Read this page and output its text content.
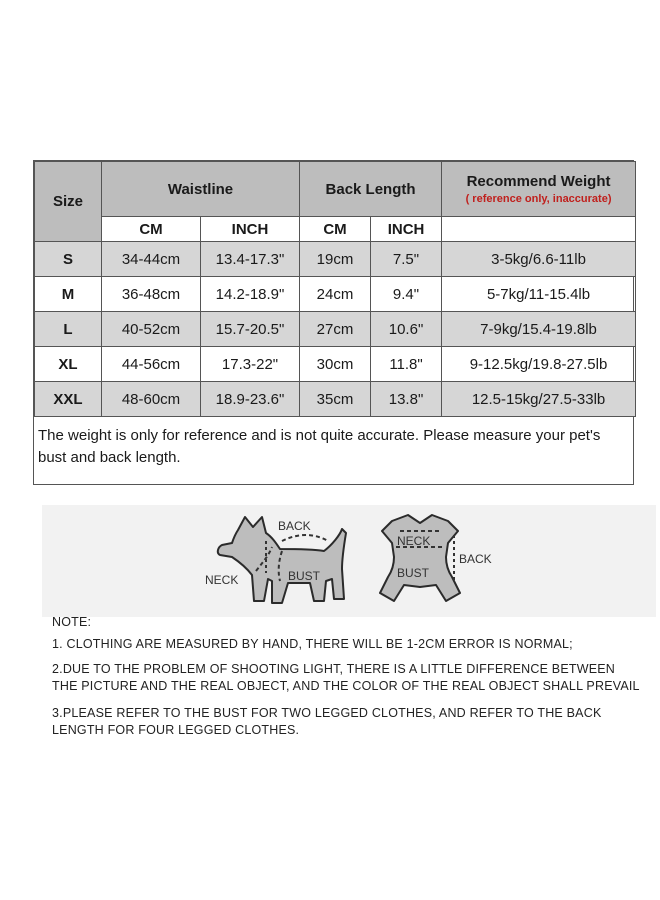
Size	Waistline		Back Length		Recommend Weight
( reference only, inaccurate)

	CM	INCH	CM	INCH	
S	34-44cm	13.4-17.3"	19cm	7.5"	3-5kg/6.6-11lb
M	36-48cm	14.2-18.9"	24cm	9.4"	5-7kg/11-15.4lb
L	40-52cm	15.7-20.5"	27cm	10.6"	7-9kg/15.4-19.8lb
XL	44-56cm	17.3-22"	30cm	11.8"	9-12.5kg/19.8-27.5lb
XXL	48-60cm	18.9-23.6"	35cm	13.8"	12.5-15kg/27.5-33lb
The weight is only for reference and is not quite accurate. Please measure your pet's bust and back length.
BACK
NECK	BUST
NECK
BACK
BUST

NOTE:

1. CLOTHING ARE MEASURED BY HAND, THERE WILL BE 1-2CM ERROR IS NORMAL;

2.DUE TO THE PROBLEM OF SHOOTING LIGHT, THERE IS A LITTLE DIFFERENCE BETWEEN THE PICTURE AND THE REAL OBJECT, AND THE COLOR OF THE REAL OBJECT SHALL PREVAIL

3.PLEASE REFER TO THE BUST FOR TWO LEGGED CLOTHES, AND REFER TO THE BACK LENGTH FOR FOUR LEGGED CLOTHES.
